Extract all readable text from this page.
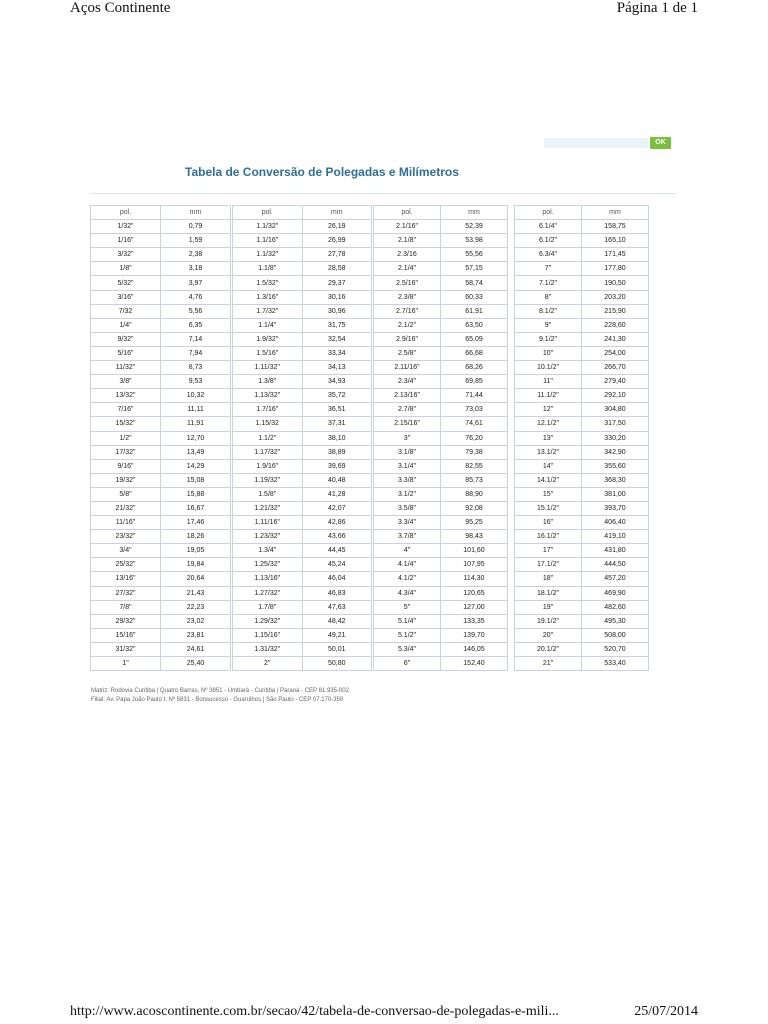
Aços Continente	Página 1 de 1
OK
Tabela de Conversão de Polegadas e Milímetros
pol.	mm
1/32"	0,79
1/16"	1,59
3/32"	2,38
1/8"	3,18
5/32"	3,97
3/16"	4,76
7/32	5,56
1/4"	6,35
9/32"	7,14
5/16"	7,94
11/32"	8,73
3/8"	9,53
13/32"	10,32
7/16"	11,11
15/32"	11,91
1/2"	12,70
17/32"	13,49
9/16"	14,29
19/32"	15,08
5/8"	15,88
21/32"	16,67
11/16"	17,46
23/32"	18,26
3/4"	19,05
25/32"	19,84
13/16"	20,64
27/32"	21,43
7/8"	22,23
29/32"	23,02
15/16"	23,81
31/32"	24,61
1"	25,40
pol.	mm
1.1/32"	26,19
1.1/16"	26,99
1.1/32"	27,78
1.1/8"	28,58
1.5/32"	29,37
1.3/16"	30,16
1.7/32"	30,96
1.1/4"	31,75
1.9/32"	32,54
1.5/16"	33,34
1.11/32"	34,13
1.3/8"	34,93
1.13/32"	35,72
1.7/16"	36,51
1.15/32	37,31
1.1/2"	38,10
1.17/32"	38,89
1.9/16"	39,69
1.19/32"	40,48
1.5/8"	41,28
1.21/32"	42,07
1.11/16"	42,86
1.23/32"	43,66
1.3/4"	44,45
1.25/32"	45,24
1.13/16"	46,04
1.27/32"	46,83
1.7/8"	47,63
1.29/32"	48,42
1.15/16"	49,21
1.31/32"	50,01
2"	50,80
pol.	mm
2.1/16"	52,39
2.1/8"	53,98
2.3/16	55,56
2.1/4"	57,15
2.5/16"	58,74
2.3/8"	60,33
2.7/16"	61,91
2.1/2"	63,50
2.9/16"	65,09
2.5/8"	66,68
2.11/16"	68,26
2.3/4"	69,85
2.13/16"	71,44
2.7/8"	73,03
2.15/16"	74,61
3"	76,20
3.1/8"	79,38
3.1/4"	82,55
3.3/8"	85,73
3.1/2"	88,90
3.5/8"	92,08
3.3/4"	95,25
3.7/8"	98,43
4"	101,60
4.1/4"	107,95
4.1/2"	114,30
4.3/4"	120,65
5"	127,00
5.1/4"	133,35
5.1/2"	139,70
5.3/4"	146,05
6"	152,40
pol.	mm
6.1/4"	158,75
6.1/2"	165,10
6.3/4"	171,45
7"	177,80
7.1/2"	190,50
8"	203,20
8.1/2"	215,90
9"	228,60
9.1/2"	241,30
10"	254,00
10.1/2"	266,70
11"	279,40
11.1/2"	292,10
12"	304,80
12.1/2"	317,50
13"	330,20
13.1/2"	342,90
14"	355,60
14.1/2"	368,30
15"	381,00
15.1/2"	393,70
16"	406,40
16.1/2"	419,10
17"	431,80
17.1/2"	444,50
18"	457,20
18.1/2"	469,90
19"	482,60
19.1/2"	495,30
20"	508,00
20.1/2"	520,70
21"	533,40
Matriz: Rodovia Curitiba | Quatro Barras, Nº 3851 - Umbará - Curitiba | Paraná - CEP 81.935-002
Filial: Av. Papa João Paulo I, Nº 5831 - Bonsucesso - Guarulhos | São Paulo - CEP 07.170-350
http://www.acoscontinente.com.br/secao/42/tabela-de-conversao-de-polegadas-e-mili...	25/07/2014
